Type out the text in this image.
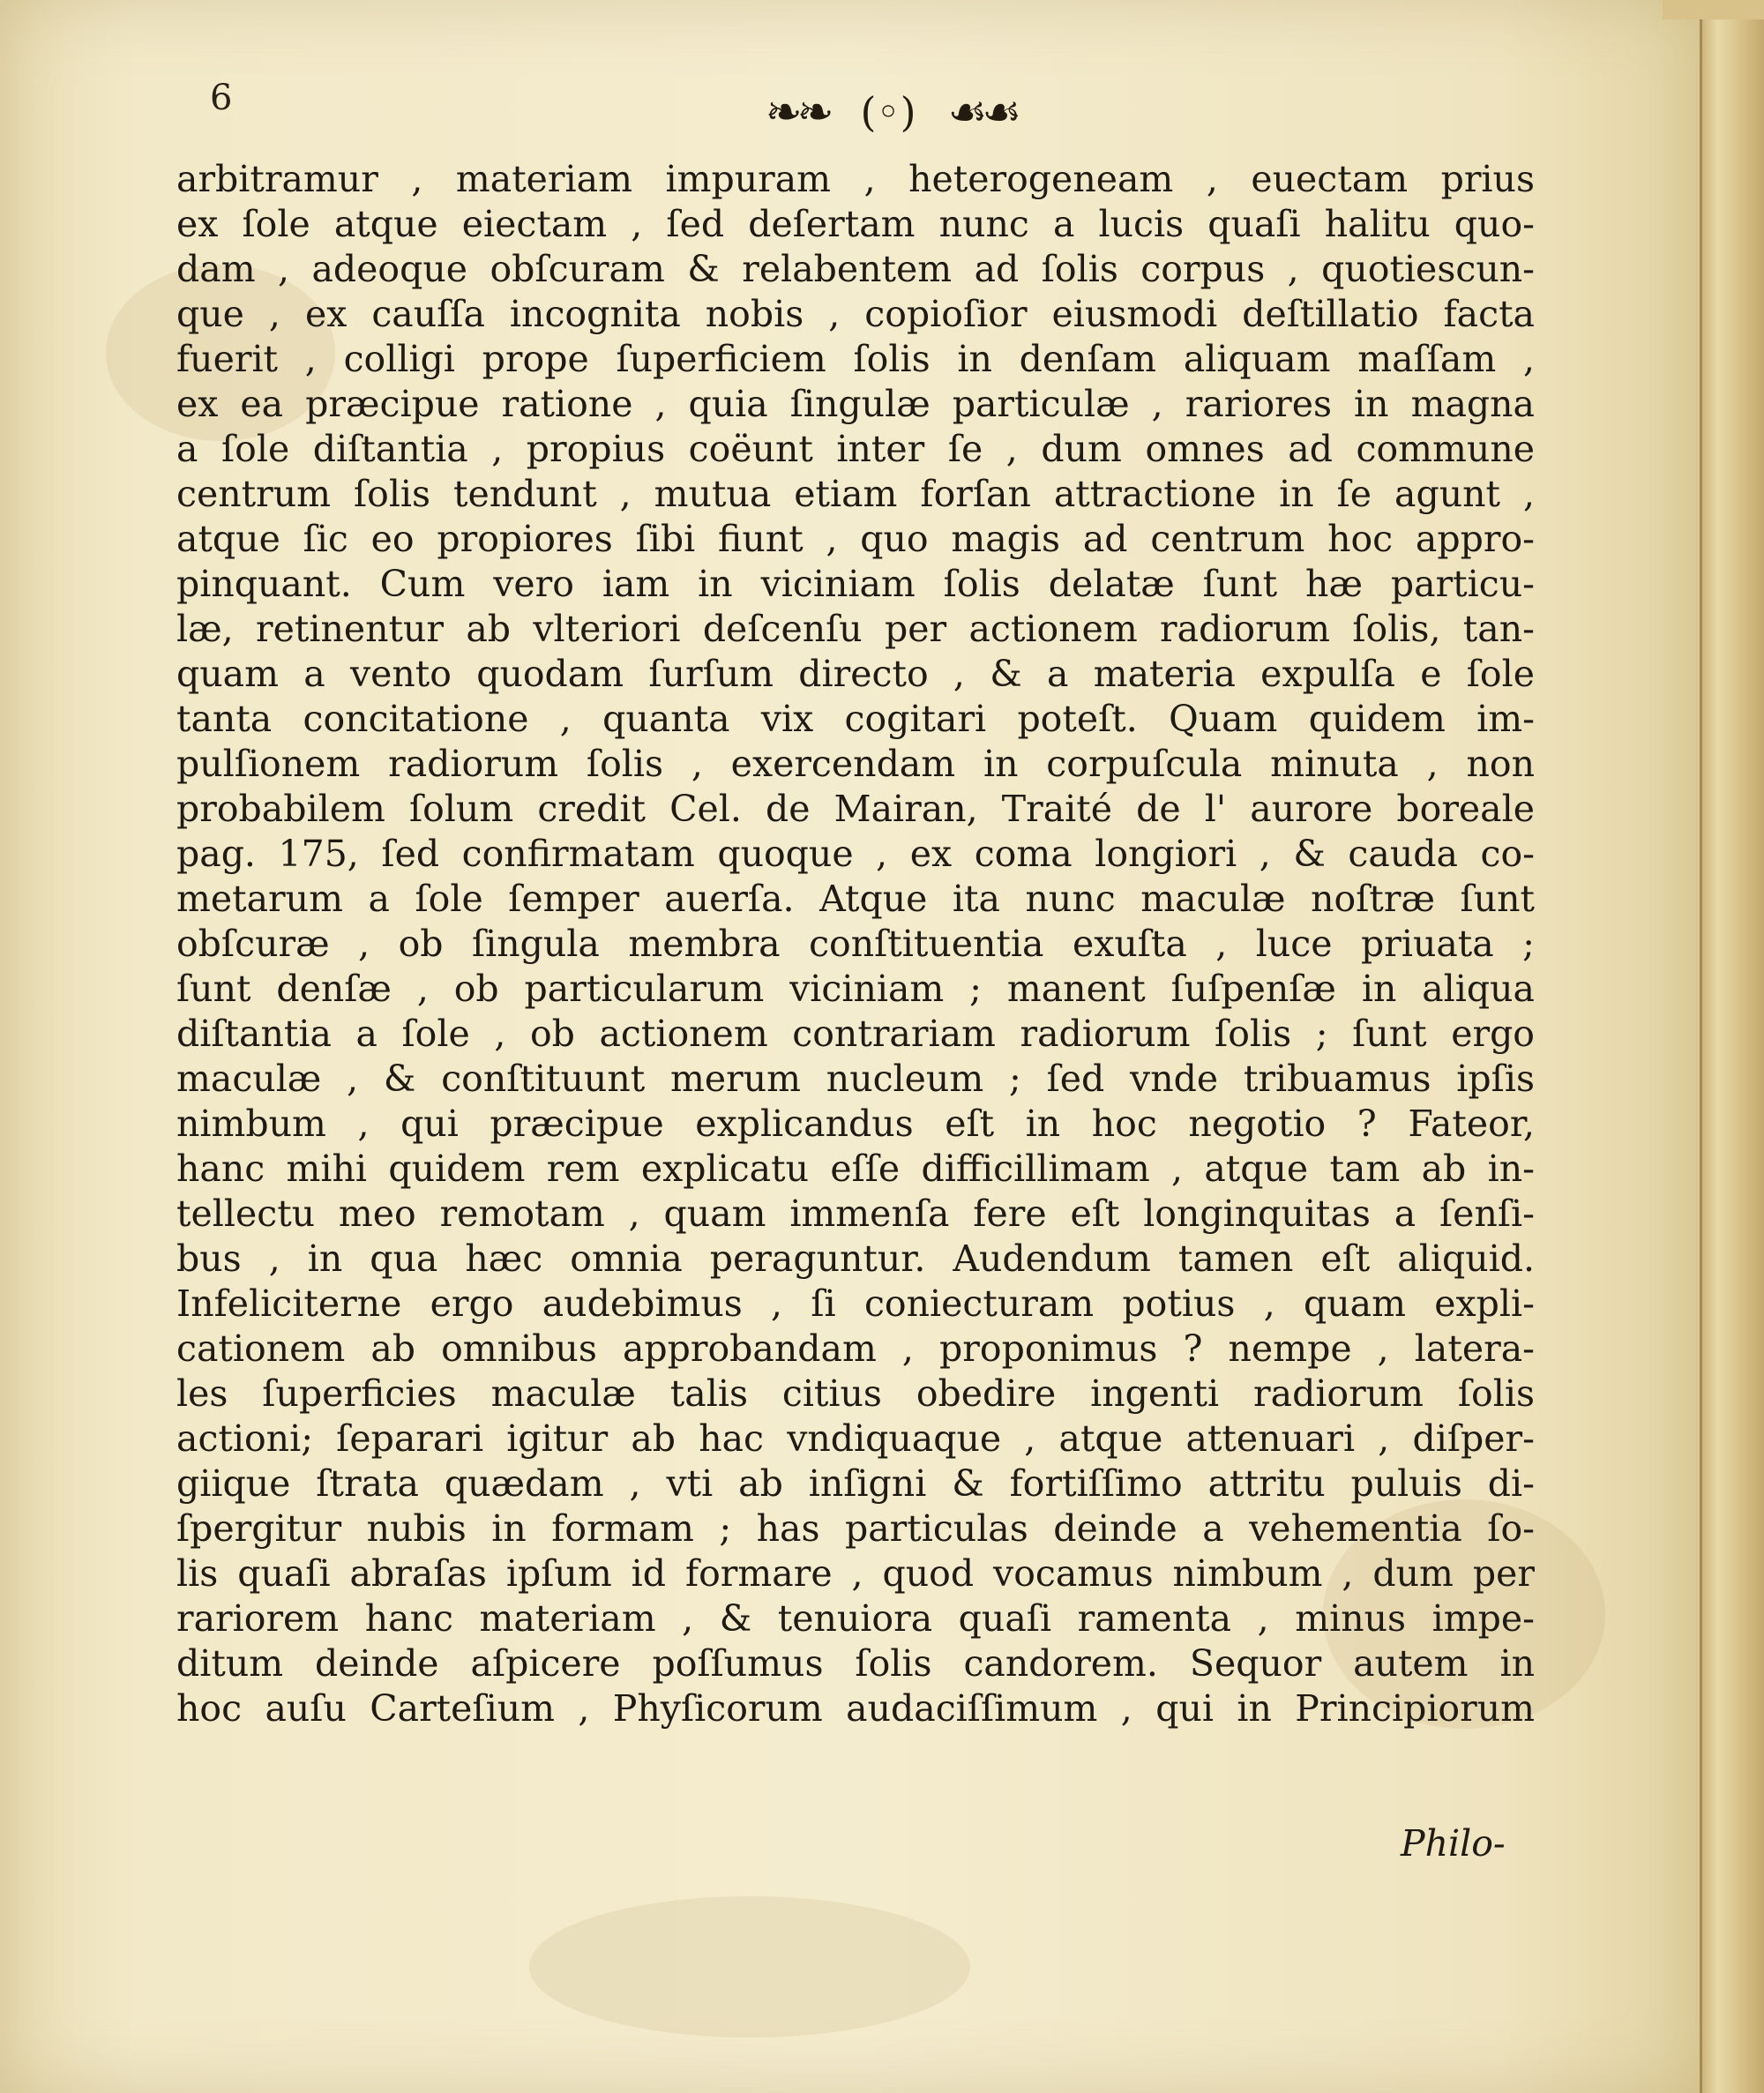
6	❧❧ (◦) ☙☙
arbitramur , materiam impuram , heterogeneam , euectam prius
ex ſole atque eiectam , ſed deſertam nunc a lucis quaſi halitu quo-
dam , adeoque obſcuram & relabentem ad ſolis corpus , quotiescun-
que , ex cauſſa incognita nobis , copioſior eiusmodi deſtillatio facta
fuerit , colligi prope ſuperficiem ſolis in denſam aliquam maſſam ,
ex ea præcipue ratione , quia ſingulæ particulæ , rariores in magna
a ſole diſtantia , propius coëunt inter ſe , dum omnes ad commune
centrum ſolis tendunt , mutua etiam forſan attractione in ſe agunt ,
atque ſic eo propiores ſibi fiunt , quo magis ad centrum hoc appro-
pinquant. Cum vero iam in viciniam ſolis delatæ ſunt hæ particu-
læ, retinentur ab vlteriori deſcenſu per actionem radiorum ſolis, tan-
quam a vento quodam ſurſum directo , & a materia expulſa e ſole
tanta concitatione , quanta vix cogitari poteſt. Quam quidem im-
pulſionem radiorum ſolis , exercendam in corpuſcula minuta , non
probabilem ſolum credit Cel. de Mairan, Traité de l' aurore boreale
pag. 175, ſed confirmatam quoque , ex coma longiori , & cauda co-
metarum a ſole ſemper auerſa. Atque ita nunc maculæ noſtræ ſunt
obſcuræ , ob ſingula membra conſtituentia exuſta , luce priuata ;
ſunt denſæ , ob particularum viciniam ; manent ſuſpenſæ in aliqua
diſtantia a ſole , ob actionem contrariam radiorum ſolis ; ſunt ergo
maculæ , & conſtituunt merum nucleum ; ſed vnde tribuamus ipſis
nimbum , qui præcipue explicandus eſt in hoc negotio ? Fateor,
hanc mihi quidem rem explicatu eſſe difficillimam , atque tam ab in-
tellectu meo remotam , quam immenſa fere eſt longinquitas a ſenſi-
bus , in qua hæc omnia peraguntur. Audendum tamen eſt aliquid.
Infeliciterne ergo audebimus , ſi coniecturam potius , quam expli-
cationem ab omnibus approbandam , proponimus ? nempe , latera-
les ſuperficies maculæ talis citius obedire ingenti radiorum ſolis
actioni; ſeparari igitur ab hac vndiquaque , atque attenuari , diſper-
giique ſtrata quædam , vti ab inſigni & fortiſſimo attritu puluis di-
ſpergitur nubis in formam ; has particulas deinde a vehementia ſo-
lis quaſi abraſas ipſum id formare , quod vocamus nimbum , dum per
rariorem hanc materiam , & tenuiora quaſi ramenta , minus impe-
ditum deinde aſpicere poſſumus ſolis candorem. Sequor autem in
hoc auſu Carteſium , Phyſicorum audaciſſimum , qui in Principiorum
Philo-
